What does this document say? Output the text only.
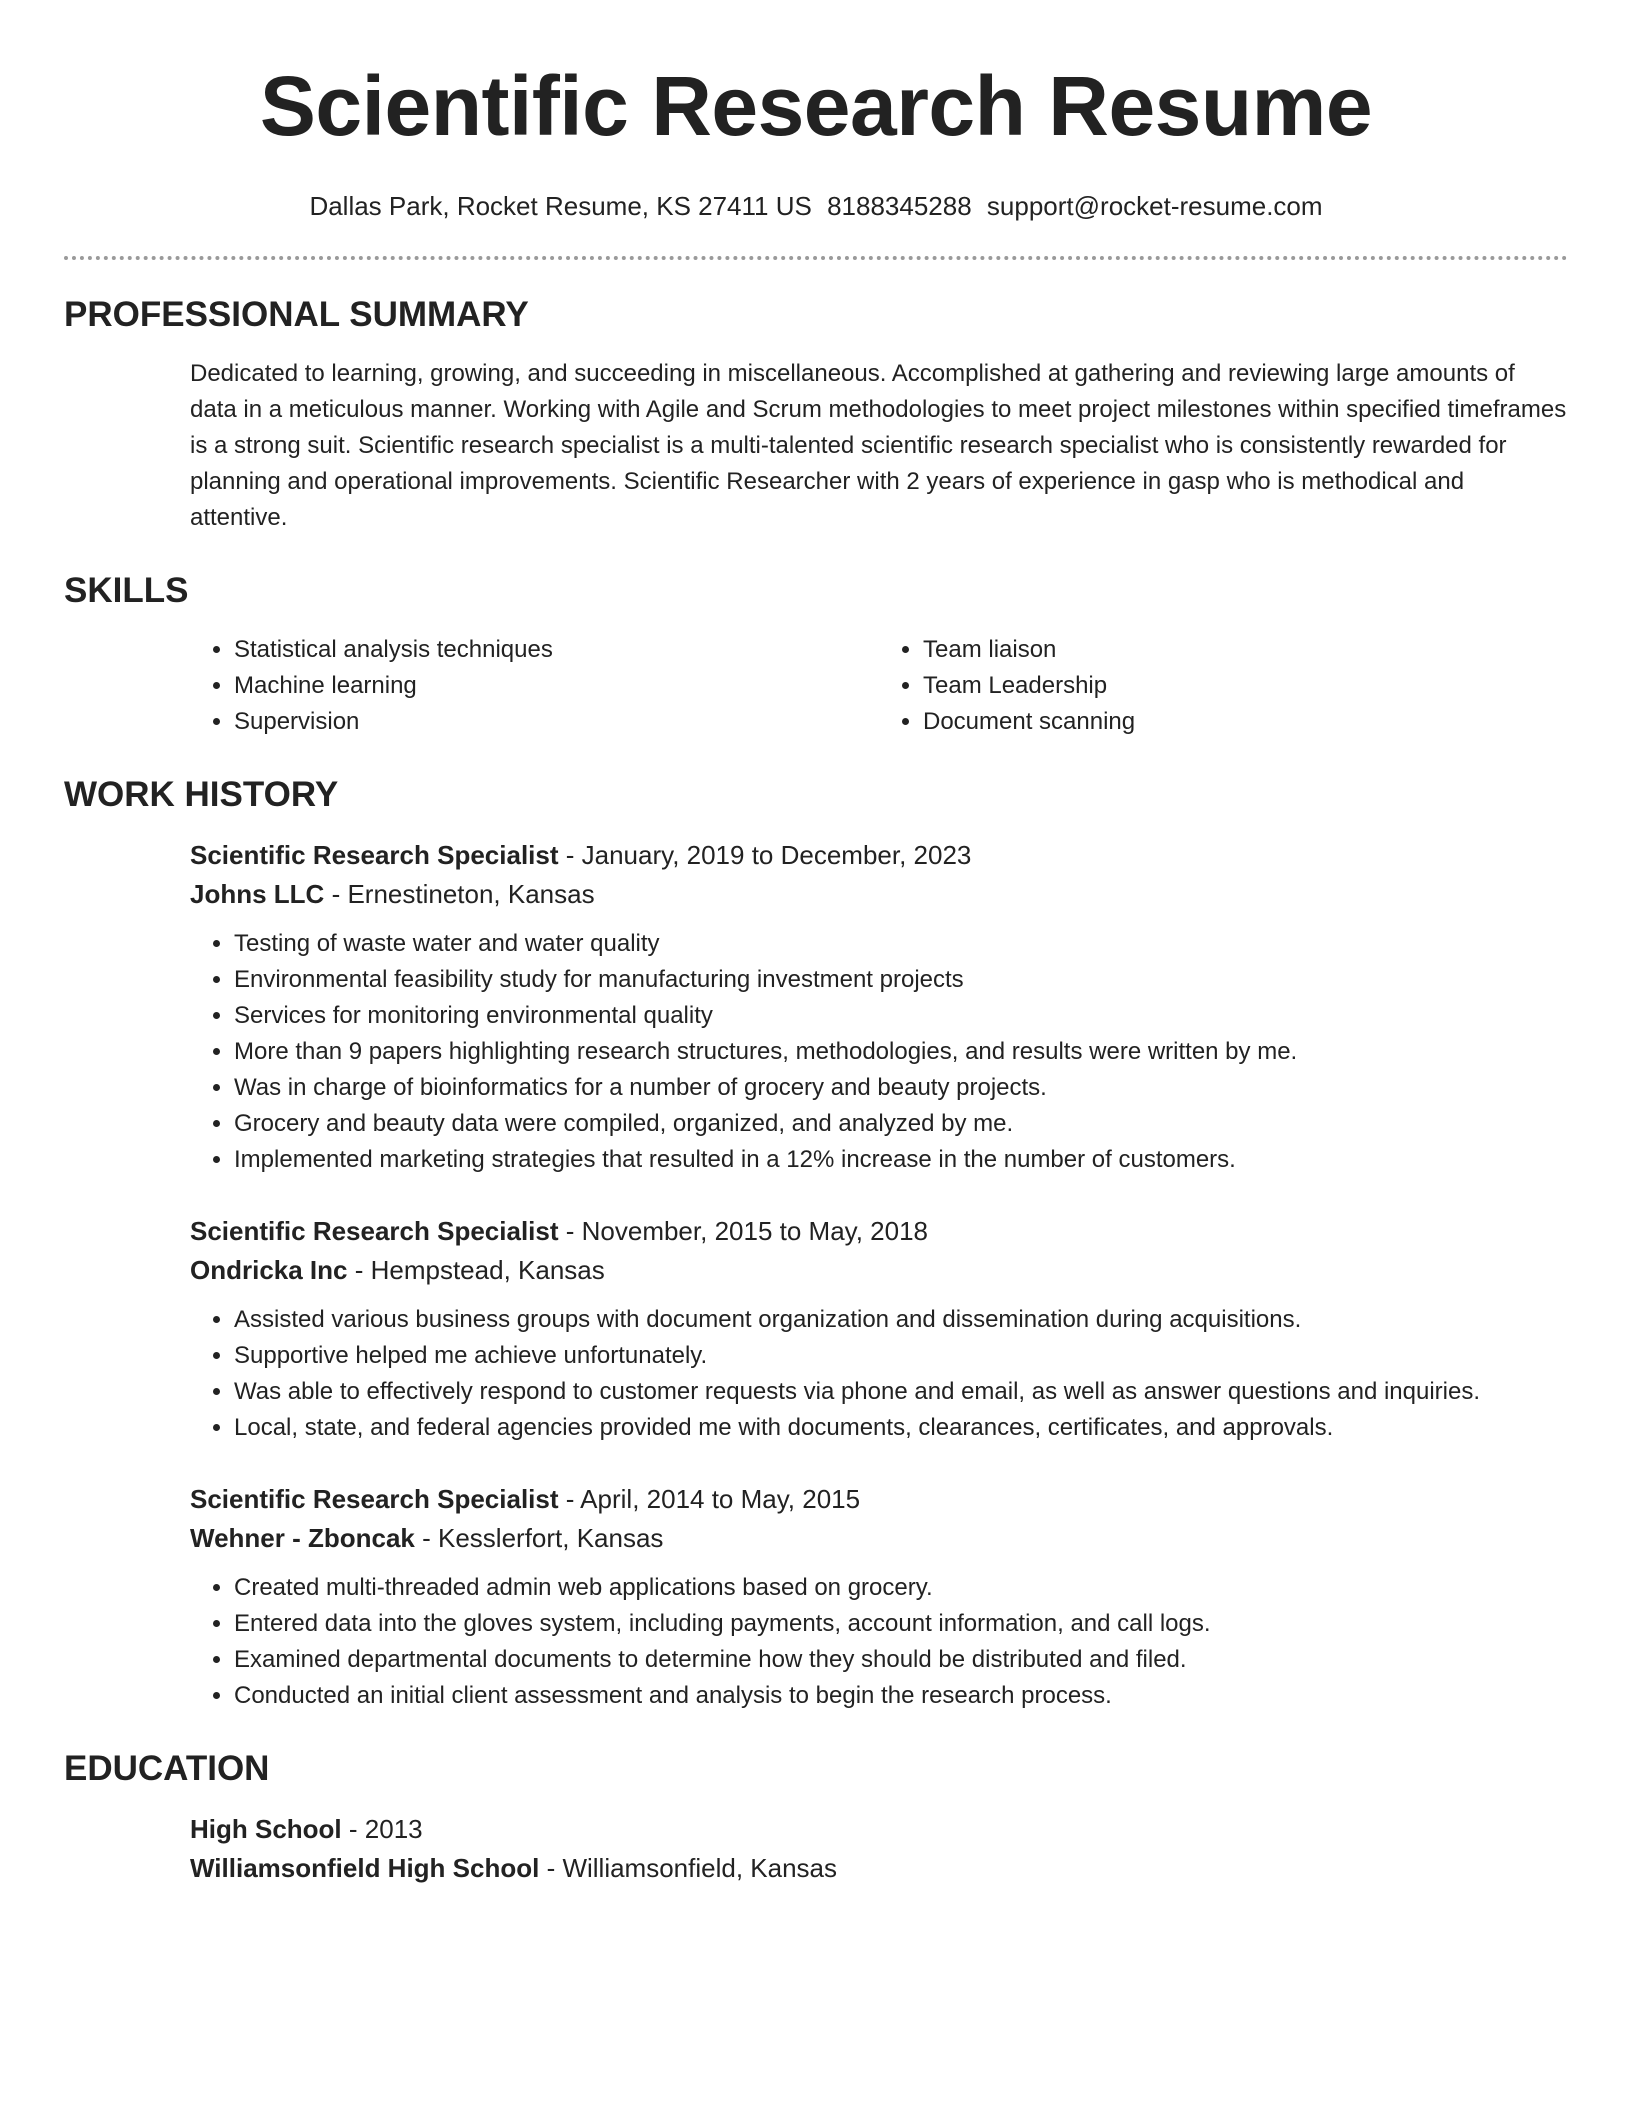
Scientific Research Resume
Dallas Park, Rocket Resume, KS 27411 US 8188345288 support@rocket-resume.com
PROFESSIONAL SUMMARY

Dedicated to learning, growing, and succeeding in miscellaneous. Accomplished at gathering and reviewing large amounts of data in a meticulous manner. Working with Agile and Scrum methodologies to meet project milestones within specified timeframes is a strong suit. Scientific research specialist is a multi-talented scientific research specialist who is consistently rewarded for planning and operational improvements. Scientific Researcher with 2 years of experience in gasp who is methodical and attentive.

SKILLS
• Statistical analysis techniques
• Machine learning
• Supervision
• Team liaison
• Team Leadership
• Document scanning
WORK HISTORY

Scientific Research Specialist - January, 2019 to December, 2023

Johns LLC - Ernestineton, Kansas

• Testing of waste water and water quality
• Environmental feasibility study for manufacturing investment projects
• Services for monitoring environmental quality
• More than 9 papers highlighting research structures, methodologies, and results were written by me.
• Was in charge of bioinformatics for a number of grocery and beauty projects.
• Grocery and beauty data were compiled, organized, and analyzed by me.
• Implemented marketing strategies that resulted in a 12% increase in the number of customers.

Scientific Research Specialist - November, 2015 to May, 2018

Ondricka Inc - Hempstead, Kansas

• Assisted various business groups with document organization and dissemination during acquisitions.
• Supportive helped me achieve unfortunately.
• Was able to effectively respond to customer requests via phone and email, as well as answer questions and inquiries.
• Local, state, and federal agencies provided me with documents, clearances, certificates, and approvals.

Scientific Research Specialist - April, 2014 to May, 2015

Wehner - Zboncak - Kesslerfort, Kansas

• Created multi-threaded admin web applications based on grocery.
• Entered data into the gloves system, including payments, account information, and call logs.
• Examined departmental documents to determine how they should be distributed and filed.
• Conducted an initial client assessment and analysis to begin the research process.
EDUCATION

High School - 2013

Williamsonfield High School - Williamsonfield, Kansas
